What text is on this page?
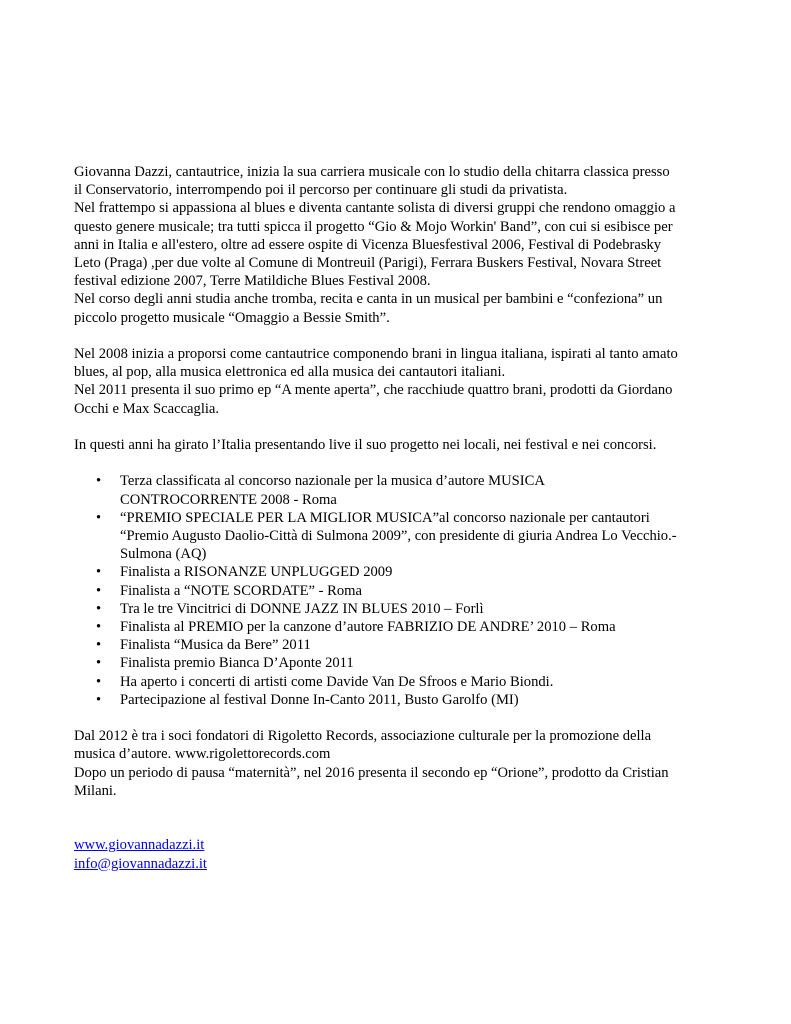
Giovanna Dazzi, cantautrice, inizia la sua carriera musicale con lo studio della chitarra classica presso
il Conservatorio, interrompendo poi il percorso per continuare gli studi da privatista.

Nel frattempo si appassiona al blues e diventa cantante solista di diversi gruppi che rendono omaggio a
questo genere musicale; tra tutti spicca il progetto “Gio & Mojo Workin' Band”, con cui si esibisce per
anni in Italia e all'estero, oltre ad essere ospite di Vicenza Bluesfestival 2006, Festival di Podebrasky
Leto (Praga) ,per due volte al Comune di Montreuil (Parigi), Ferrara Buskers Festival, Novara Street
festival edizione 2007, Terre Matildiche Blues Festival 2008.

Nel corso degli anni studia anche tromba, recita e canta in un musical per bambini e “confeziona” un
piccolo progetto musicale “Omaggio a Bessie Smith”.

Nel 2008 inizia a proporsi come cantautrice componendo brani in lingua italiana, ispirati al tanto amato
blues, al pop, alla musica elettronica ed alla musica dei cantautori italiani.

Nel 2011 presenta il suo primo ep “A mente aperta”, che racchiude quattro brani, prodotti da Giordano
Occhi e Max Scaccaglia.

In questi anni ha girato l’Italia presentando live il suo progetto nei locali, nei festival e nei concorsi.

• Terza classificata al concorso nazionale per la musica d’autore MUSICA
CONTROCORRENTE 2008 - Roma
• “PREMIO SPECIALE PER LA MIGLIOR MUSICA”al concorso nazionale per cantautori
“Premio Augusto Daolio-Città di Sulmona 2009”, con presidente di giuria Andrea Lo Vecchio.-
Sulmona (AQ)
• Finalista a RISONANZE UNPLUGGED 2009
• Finalista a “NOTE SCORDATE” - Roma
• Tra le tre Vincitrici di DONNE JAZZ IN BLUES 2010 – Forlì
• Finalista al PREMIO per la canzone d’autore FABRIZIO DE ANDRE’ 2010 – Roma
• Finalista “Musica da Bere” 2011
• Finalista premio Bianca D’Aponte 2011
• Ha aperto i concerti di artisti come Davide Van De Sfroos e Mario Biondi.
• Partecipazione al festival Donne In-Canto 2011, Busto Garolfo (MI)

Dal 2012 è tra i soci fondatori di Rigoletto Records, associazione culturale per la promozione della
musica d’autore. www.rigolettorecords.com

Dopo un periodo di pausa “maternità”, nel 2016 presenta il secondo ep “Orione”, prodotto da Cristian
Milani.

www.giovannadazzi.it
info@giovannadazzi.it
